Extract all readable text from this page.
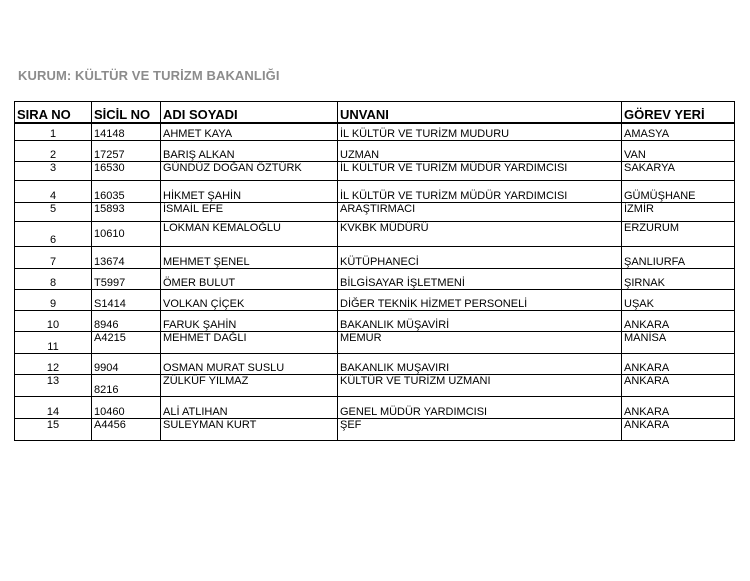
KURUM: KÜLTÜR VE TURİZM BAKANLIĞI
SIRA NO	SİCİL NO	ADI SOYADI	UNVANI	GÖREV YERİ
1	14148	AHMET KAYA	İL KÜLTÜR VE TURİZM MUDURU	AMASYA
2	17257	BARIŞ ALKAN	UZMAN	VAN
3	16530	GÜNDÜZ DOĞAN ÖZTÜRK	İL KÜLTÜR VE TURİZM MÜDÜR YARDIMCISI	SAKARYA
4	16035	HİKMET ŞAHİN	İL KÜLTÜR VE TURİZM MÜDÜR YARDIMCISI	GÜMÜŞHANE
5	15893	İSMAİL EFE	ARAŞTIRMACI	İZMİR
6	10610	LOKMAN KEMALOĞLU	KVKBK MÜDÜRÜ	ERZURUM
7	13674	MEHMET ŞENEL	KÜTÜPHANECİ	ŞANLIURFA
8	T5997	ÖMER BULUT	BİLGİSAYAR İŞLETMENİ	ŞIRNAK
9	S1414	VOLKAN ÇİÇEK	DİĞER TEKNİK HİZMET PERSONELİ	UŞAK
10	8946	FARUK ŞAHİN	BAKANLIK MÜŞAVİRİ	ANKARA
11	A4215	MEHMET DAĞLI	MEMUR	MANİSA
12	9904	OSMAN MURAT SUSLU	BAKANLIK MUŞAVIRI	ANKARA
13	8216	ZÜLKÜF YILMAZ	KÜLTÜR VE TURİZM UZMANI	ANKARA
14	10460	ALİ ATLIHAN	GENEL MÜDÜR YARDIMCISI	ANKARA
15	A4456	SULEYMAN KURT	ŞEF	ANKARA
